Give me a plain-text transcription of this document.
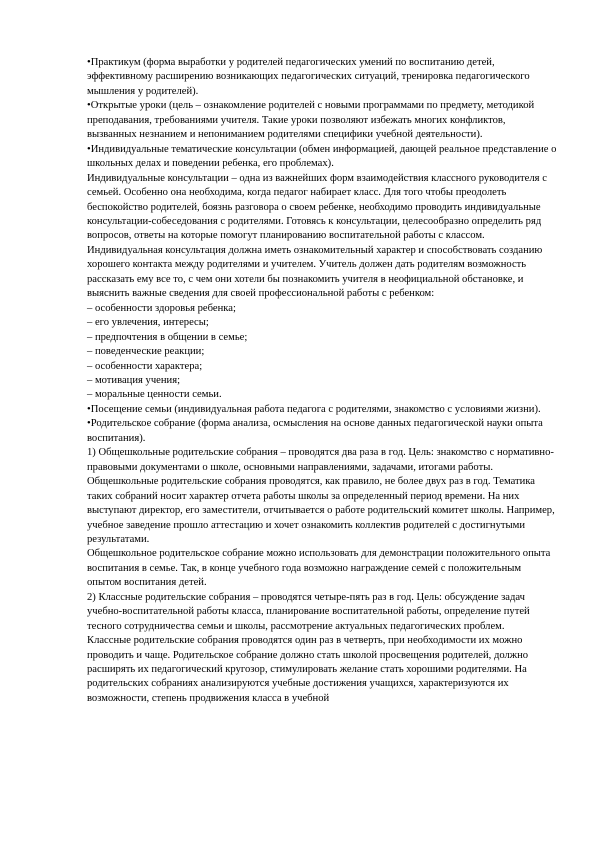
• Практикум (форма выработки у родителей педагогических умений по воспитанию детей, эффективному расширению возникающих педагогических ситуаций, тренировка педагогического мышления у родителей).

• Открытые уроки (цель – ознакомление родителей с новыми программами по предмету, методикой преподавания, требованиями учителя. Такие уроки позволяют избежать многих конфликтов, вызванных незнанием и непониманием родителями специфики учебной деятельности).

• Индивидуальные тематические консультации (обмен информацией, дающей реальное представление о школьных делах и поведении ребенка, его проблемах).

Индивидуальные консультации – одна из важнейших форм взаимодействия классного руководителя с семьей. Особенно она необходима, когда педагог набирает класс. Для того чтобы преодолеть беспокойство родителей, боязнь разговора о своем ребенке, необходимо проводить индивидуальные консультации-собеседования с родителями. Готовясь к консультации, целесообразно определить ряд вопросов, ответы на которые помогут планированию воспитательной работы с классом. Индивидуальная консультация должна иметь ознакомительный характер и способствовать созданию хорошего контакта между родителями и учителем. Учитель должен дать родителям возможность рассказать ему все то, с чем они хотели бы познакомить учителя в неофициальной обстановке, и выяснить важные сведения для своей профессиональной работы с ребенком:

– особенности здоровья ребенка;

– его увлечения, интересы;

– предпочтения в общении в семье;

– поведенческие реакции;

– особенности характера;

– мотивация учения;

– моральные ценности семьи.

• Посещение семьи (индивидуальная работа педагога с родителями, знакомство с условиями жизни).

• Родительское собрание (форма анализа, осмысления на основе данных педагогической науки опыта воспитания).

1) Общешкольные родительские собрания – проводятся два раза в год. Цель: знакомство с нормативно-правовыми документами о школе, основными направлениями, задачами, итогами работы.

Общешкольные родительские собрания проводятся, как правило, не более двух раз в год. Тематика таких собраний носит характер отчета работы школы за определенный период времени. На них выступают директор, его заместители, отчитывается о работе родительский комитет школы. Например, учебное заведение прошло аттестацию и хочет ознакомить коллектив родителей с достигнутыми результатами.

Общешкольное родительское собрание можно использовать для демонстрации положительного опыта воспитания в семье. Так, в конце учебного года возможно награждение семей с положительным опытом воспитания детей.

2) Классные родительские собрания – проводятся четыре-пять раз в год. Цель: обсуждение задач учебно-воспитательной работы класса, планирование воспитательной работы, определение путей тесного сотрудничества семьи и школы, рассмотрение актуальных педагогических проблем.

Классные родительские собрания проводятся один раз в четверть, при необходимости их можно проводить и чаще. Родительское собрание должно стать школой просвещения родителей, должно расширять их педагогический кругозор, стимулировать желание стать хорошими родителями. На родительских собраниях анализируются учебные достижения учащихся, характеризуются их возможности, степень продвижения класса в учебной
